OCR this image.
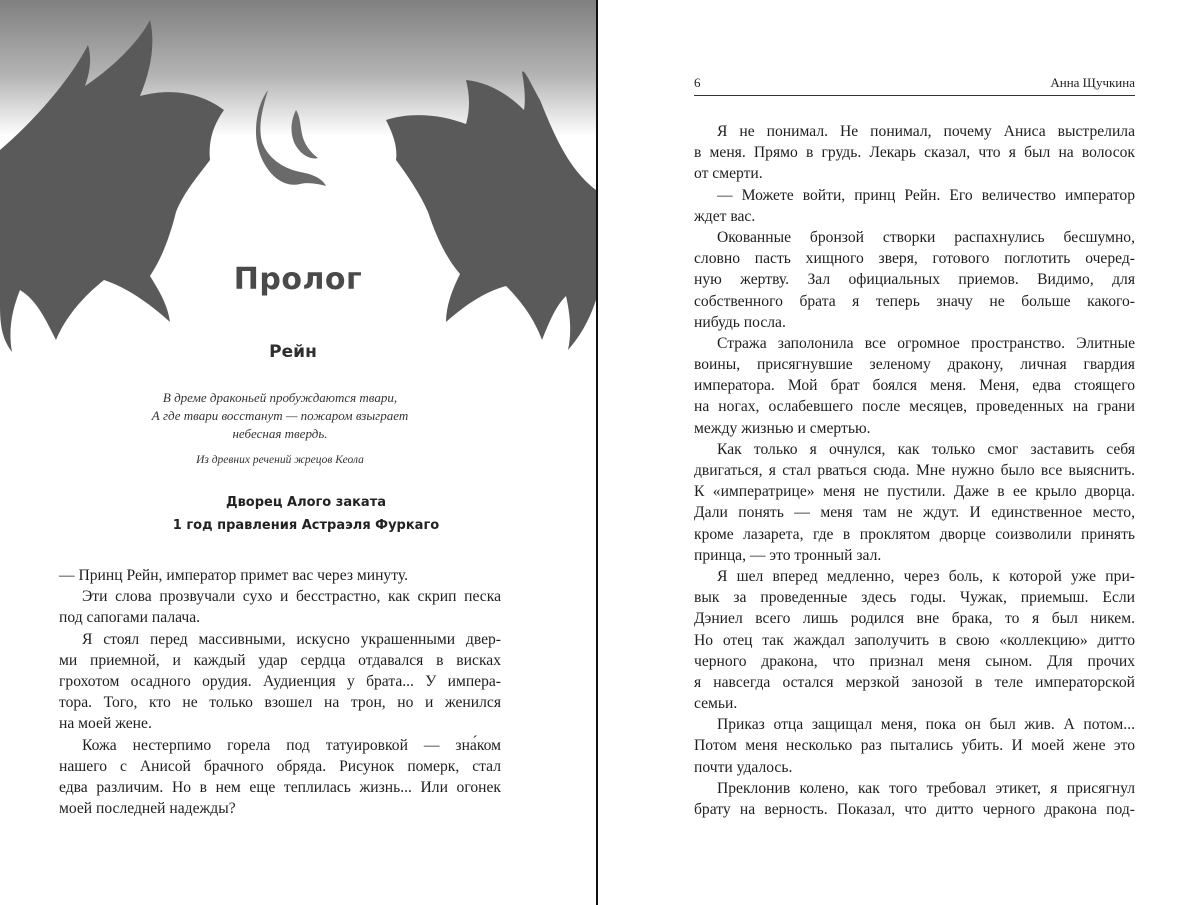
Пролог
Рейн
В дреме драконьей пробуждаются твари,
А где твари восстанут — пожаром взыграет
небесная твердь.
Из древних речений жрецов Кеола
Дворец Алого заката
1 год правления Астраэля Фуркаго
— Принц Рейн, император примет вас через минуту.
Эти слова прозвучали сухо и бесстрастно, как скрип песка
под сапогами палача.
Я стоял перед массивными, искусно украшенными двер-
ми приемной, и каждый удар сердца отдавался в висках
грохотом осадного орудия. Аудиенция у брата... У импера-
тора. Того, кто не только взошел на трон, но и женился
на моей жене.
Кожа нестерпимо горела под татуировкой — зна́ком
нашего с Анисой брачного обряда. Рисунок померк, стал
едва различим. Но в нем еще теплилась жизнь... Или огонек
моей последней надежды?
6	Анна Щучкина
Я не понимал. Не понимал, почему Аниса выстрелила
в меня. Прямо в грудь. Лекарь сказал, что я был на волосок
от смерти.
— Можете войти, принц Рейн. Его величество император
ждет вас.
Окованные бронзой створки распахнулись бесшумно,
словно пасть хищного зверя, готового поглотить очеред-
ную жертву. Зал официальных приемов. Видимо, для
собственного брата я теперь значу не больше какого-
нибудь посла.
Стража заполонила все огромное пространство. Элитные
воины, присягнувшие зеленому дракону, личная гвардия
императора. Мой брат боялся меня. Меня, едва стоящего
на ногах, ослабевшего после месяцев, проведенных на грани
между жизнью и смертью.
Как только я очнулся, как только смог заставить себя
двигаться, я стал рваться сюда. Мне нужно было все выяснить.
К «императрице» меня не пустили. Даже в ее крыло дворца.
Дали понять — меня там не ждут. И единственное место,
кроме лазарета, где в проклятом дворце соизволили принять
принца, — это тронный зал.
Я шел вперед медленно, через боль, к которой уже при-
вык за проведенные здесь годы. Чужак, приемыш. Если
Дэниел всего лишь родился вне брака, то я был никем.
Но отец так жаждал заполучить в свою «коллекцию» дитто
черного дракона, что признал меня сыном. Для прочих
я навсегда остался мерзкой занозой в теле императорской
семьи.
Приказ отца защищал меня, пока он был жив. А потом...
Потом меня несколько раз пытались убить. И моей жене это
почти удалось.
Преклонив колено, как того требовал этикет, я присягнул
брату на верность. Показал, что дитто черного дракона под-
